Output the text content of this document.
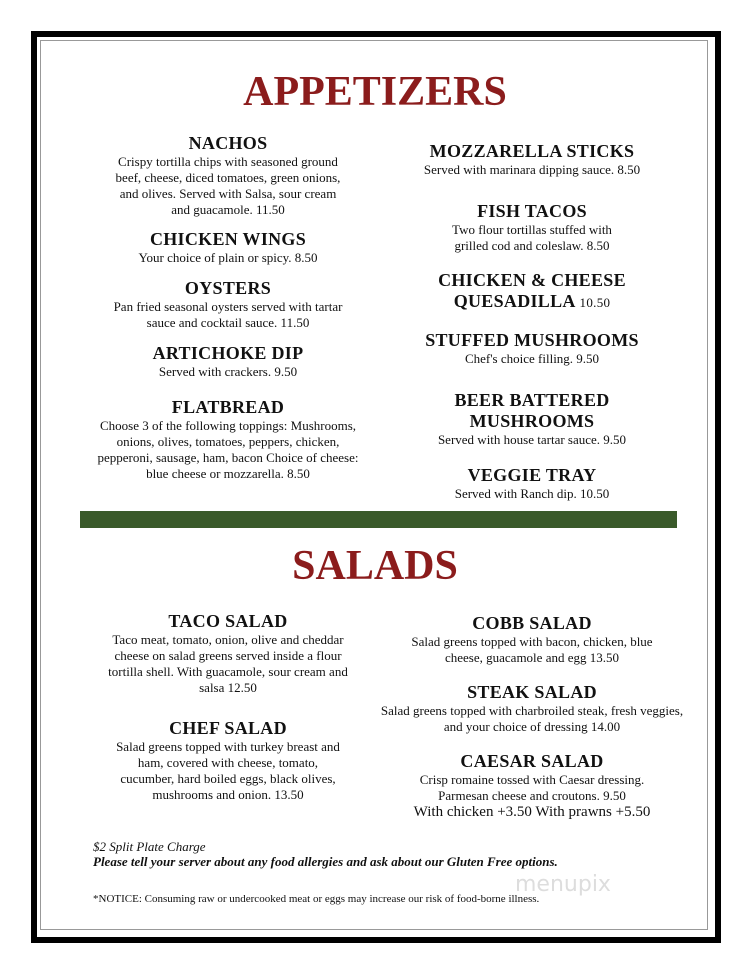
APPETIZERS
NACHOS
Crispy tortilla chips with seasoned ground beef, cheese, diced tomatoes, green onions, and olives. Served with Salsa, sour cream and guacamole. 11.50
CHICKEN WINGS
Your choice of plain or spicy. 8.50
OYSTERS
Pan fried seasonal oysters served with tartar sauce and cocktail sauce. 11.50
ARTICHOKE DIP
Served with crackers. 9.50
FLATBREAD
Choose 3 of the following toppings: Mushrooms, onions, olives, tomatoes, peppers, chicken, pepperoni, sausage, ham, bacon Choice of cheese: blue cheese or mozzarella. 8.50
MOZZARELLA STICKS
Served with marinara dipping sauce. 8.50
FISH TACOS
Two flour tortillas stuffed with grilled cod and coleslaw. 8.50
CHICKEN & CHEESE QUESADILLA 10.50
STUFFED MUSHROOMS
Chef's choice filling. 9.50
BEER BATTERED MUSHROOMS
Served with house tartar sauce. 9.50
VEGGIE TRAY
Served with Ranch dip. 10.50
SALADS
TACO SALAD
Taco meat, tomato, onion, olive and cheddar cheese on salad greens served inside a flour tortilla shell. With guacamole, sour cream and salsa 12.50
CHEF SALAD
Salad greens topped with turkey breast and ham, covered with cheese, tomato, cucumber, hard boiled eggs, black olives, mushrooms and onion. 13.50
COBB SALAD
Salad greens topped with bacon, chicken, blue cheese, guacamole and egg 13.50
STEAK SALAD
Salad greens topped with charbroiled steak, fresh veggies, and your choice of dressing 14.00
CAESAR SALAD
Crisp romaine tossed with Caesar dressing. Parmesan cheese and croutons. 9.50
With chicken +3.50 With prawns +5.50
$2 Split Plate Charge
Please tell your server about any food allergies and ask about our Gluten Free options.
menupix
*NOTICE: Consuming raw or undercooked meat or eggs may increase our risk of food-borne illness.
